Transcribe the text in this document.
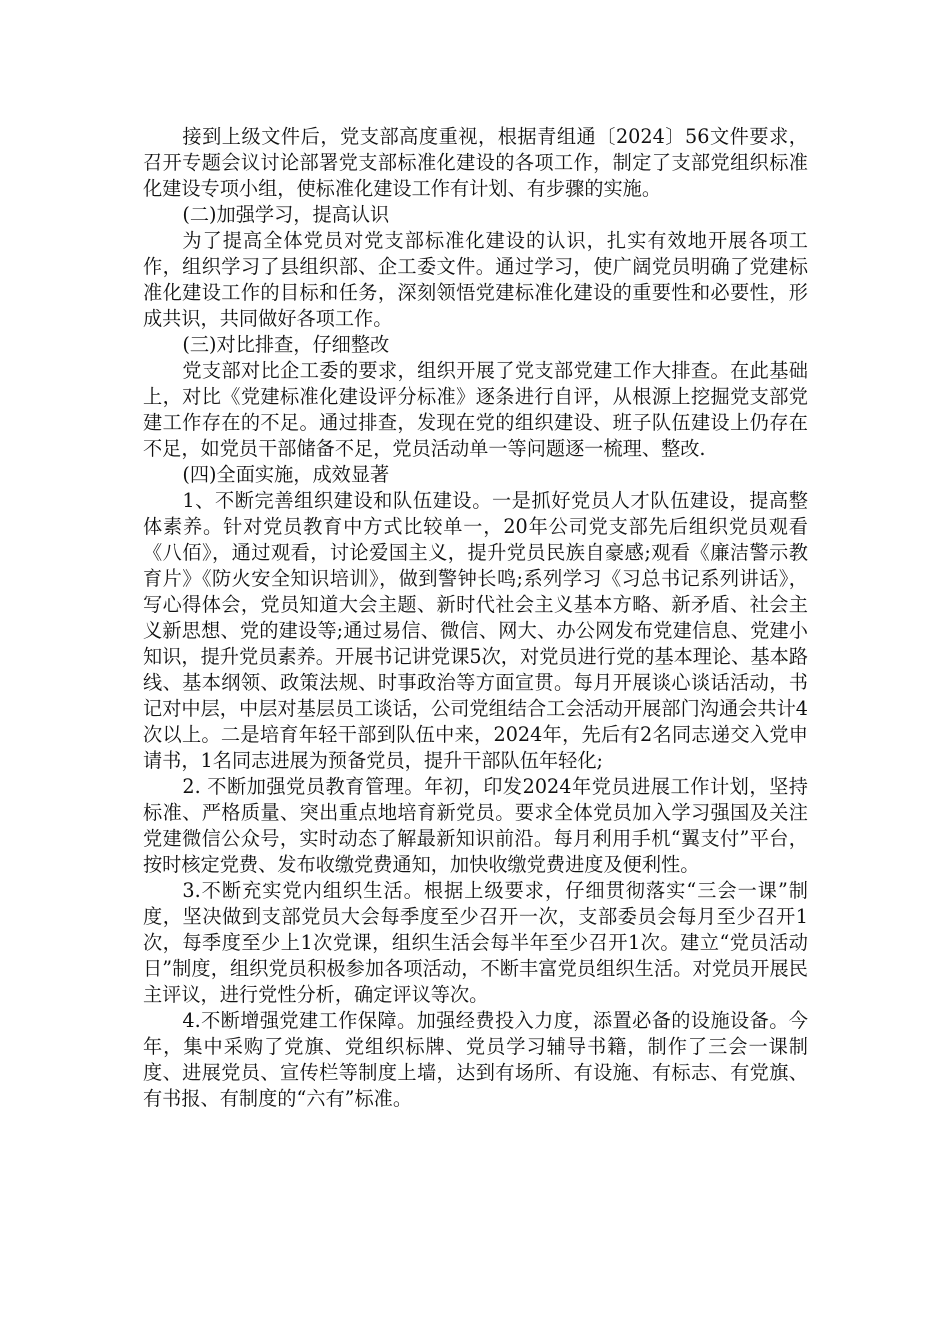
接到上级文件后，党支部高度重视，根据青组通〔2024〕56文件要求，召开专题会议讨论部署党支部标准化建设的各项工作，制定了支部党组织标准化建设专项小组，使标准化建设工作有计划、有步骤的实施。

(二)加强学习，提高认识

为了提高全体党员对党支部标准化建设的认识，扎实有效地开展各项工作，组织学习了县组织部、企工委文件。通过学习，使广阔党员明确了党建标准化建设工作的目标和任务，深刻领悟党建标准化建设的重要性和必要性，形成共识，共同做好各项工作。

(三)对比排查，仔细整改

党支部对比企工委的要求，组织开展了党支部党建工作大排查。在此基础上，对比《党建标准化建设评分标准》逐条进行自评，从根源上挖掘党支部党建工作存在的不足。通过排查，发现在党的组织建设、班子队伍建设上仍存在不足，如党员干部储备不足，党员活动单一等问题逐一梳理、整改.

(四)全面实施，成效显著

1、不断完善组织建设和队伍建设。一是抓好党员人才队伍建设，提高整体素养。针对党员教育中方式比较单一，20年公司党支部先后组织党员观看《八佰》，通过观看，讨论爱国主义，提升党员民族自豪感;观看《廉洁警示教育片》《防火安全知识培训》，做到警钟长鸣;系列学习《习总书记系列讲话》，写心得体会，党员知道大会主题、新时代社会主义基本方略、新矛盾、社会主义新思想、党的建设等;通过易信、微信、网大、办公网发布党建信息、党建小知识，提升党员素养。开展书记讲党课5次，对党员进行党的基本理论、基本路线、基本纲领、政策法规、时事政治等方面宣贯。每月开展谈心谈话活动，书记对中层，中层对基层员工谈话，公司党组结合工会活动开展部门沟通会共计4次以上。二是培育年轻干部到队伍中来，2024年，先后有2名同志递交入党申请书，1名同志进展为预备党员，提升干部队伍年轻化;

2. 不断加强党员教育管理。年初，印发2024年党员进展工作计划，坚持标准、严格质量、突出重点地培育新党员。要求全体党员加入学习强国及关注党建微信公众号，实时动态了解最新知识前沿。每月利用手机“翼支付”平台，按时核定党费、发布收缴党费通知，加快收缴党费进度及便利性。

3.不断充实党内组织生活。根据上级要求，仔细贯彻落实“三会一课”制度，坚决做到支部党员大会每季度至少召开一次，支部委员会每月至少召开1次，每季度至少上1次党课，组织生活会每半年至少召开1次。建立“党员活动日”制度，组织党员积极参加各项活动，不断丰富党员组织生活。对党员开展民主评议，进行党性分析，确定评议等次。

4.不断增强党建工作保障。加强经费投入力度，添置必备的设施设备。今年，集中采购了党旗、党组织标牌、党员学习辅导书籍，制作了三会一课制度、进展党员、宣传栏等制度上墙，达到有场所、有设施、有标志、有党旗、有书报、有制度的“六有”标准。
